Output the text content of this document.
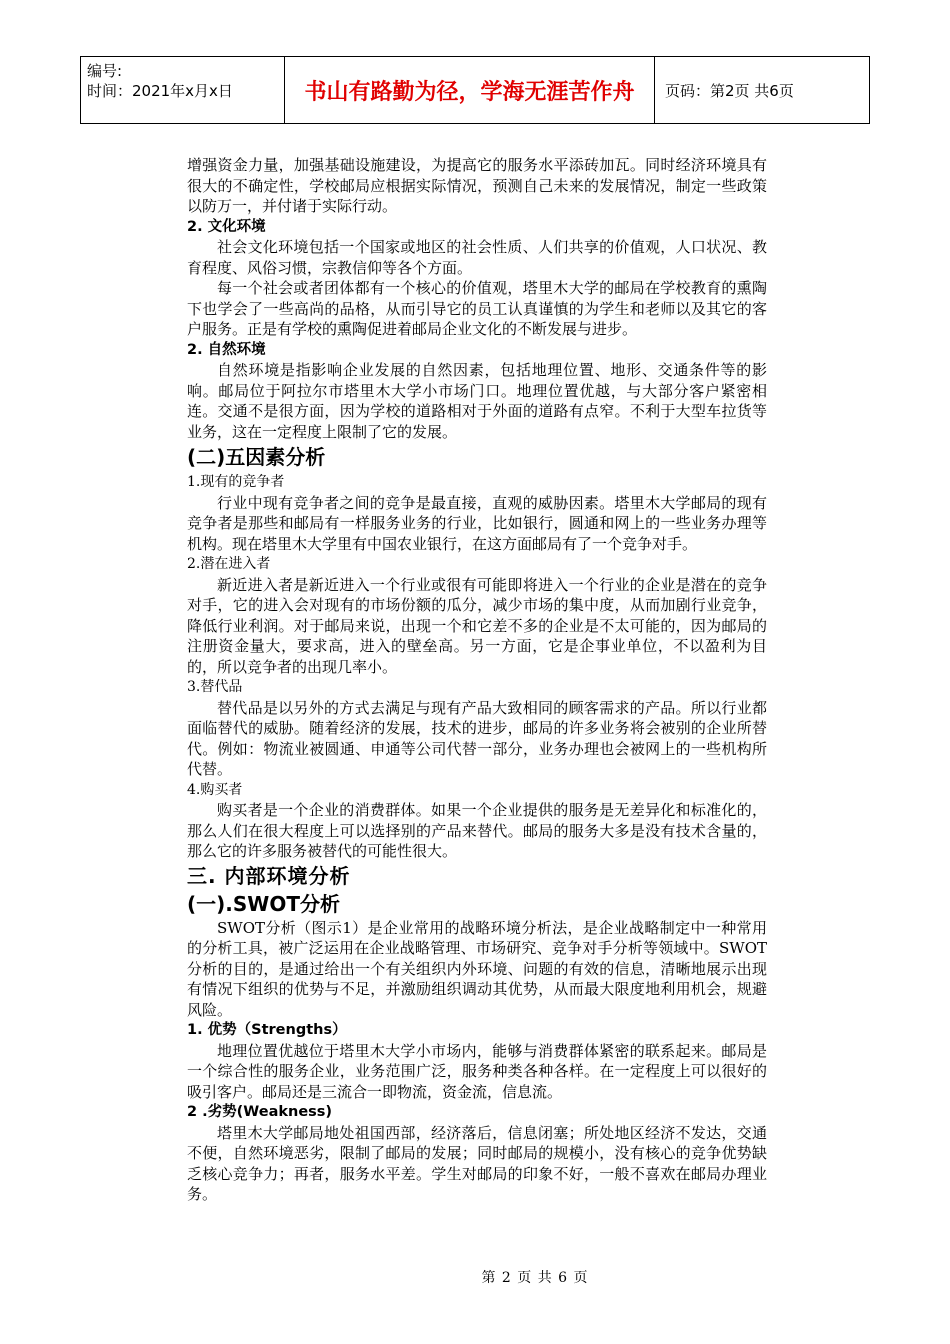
编号:
时间：2021年x月x日	书山有路勤为径，学海无涯苦作舟	页码：第2页 共6页

增强资金力量，加强基础设施建设，为提高它的服务水平添砖加瓦。同时经济环境具有很大的不确定性，学校邮局应根据实际情况，预测自己未来的发展情况，制定一些政策以防万一，并付诸于实际行动。

2. 文化环境

社会文化环境包括一个国家或地区的社会性质、人们共享的价值观，人口状况、教育程度、风俗习惯，宗教信仰等各个方面。

每一个社会或者团体都有一个核心的价值观，塔里木大学的邮局在学校教育的熏陶下也学会了一些高尚的品格，从而引导它的员工认真谨慎的为学生和老师以及其它的客户服务。正是有学校的熏陶促进着邮局企业文化的不断发展与进步。

2. 自然环境

自然环境是指影响企业发展的自然因素，包括地理位置、地形、交通条件等的影响。邮局位于阿拉尔市塔里木大学小市场门口。地理位置优越，与大部分客户紧密相连。交通不是很方面，因为学校的道路相对于外面的道路有点窄。不利于大型车拉货等业务，这在一定程度上限制了它的发展。

(二)五因素分析

1.现有的竞争者

行业中现有竞争者之间的竞争是最直接，直观的威胁因素。塔里木大学邮局的现有竞争者是那些和邮局有一样服务业务的行业，比如银行，圆通和网上的一些业务办理等机构。现在塔里木大学里有中国农业银行，在这方面邮局有了一个竞争对手。

2.潜在进入者

新近进入者是新近进入一个行业或很有可能即将进入一个行业的企业是潜在的竞争对手，它的进入会对现有的市场份额的瓜分，减少市场的集中度，从而加剧行业竞争，降低行业利润。对于邮局来说，出现一个和它差不多的企业是不太可能的，因为邮局的注册资金量大，要求高，进入的壁垒高。另一方面，它是企事业单位，不以盈利为目的，所以竞争者的出现几率小。

3.替代品

替代品是以另外的方式去满足与现有产品大致相同的顾客需求的产品。所以行业都面临替代的威胁。随着经济的发展，技术的进步，邮局的许多业务将会被别的企业所替代。例如：物流业被圆通、申通等公司代替一部分，业务办理也会被网上的一些机构所代替。

4.购买者

购买者是一个企业的消费群体。如果一个企业提供的服务是无差异化和标准化的，那么人们在很大程度上可以选择别的产品来替代。邮局的服务大多是没有技术含量的，那么它的许多服务被替代的可能性很大。

三. 内部环境分析

(一).SWOT分析

SWOT分析（图示1）是企业常用的战略环境分析法，是企业战略制定中一种常用的分析工具，被广泛运用在企业战略管理、市场研究、竞争对手分析等领域中。SWOT分析的目的，是通过给出一个有关组织内外环境、问题的有效的信息，清晰地展示出现有情况下组织的优势与不足，并激励组织调动其优势，从而最大限度地利用机会，规避风险。

1. 优势（Strengths）

地理位置优越位于塔里木大学小市场内，能够与消费群体紧密的联系起来。邮局是一个综合性的服务企业，业务范围广泛，服务种类各种各样。在一定程度上可以很好的吸引客户。邮局还是三流合一即物流，资金流，信息流。

2 .劣势(Weakness)

塔里木大学邮局地处祖国西部，经济落后，信息闭塞；所处地区经济不发达，交通不便，自然环境恶劣，限制了邮局的发展；同时邮局的规模小，没有核心的竞争优势缺乏核心竞争力；再者，服务水平差。学生对邮局的印象不好，一般不喜欢在邮局办理业务。

第 2 页 共 6 页
